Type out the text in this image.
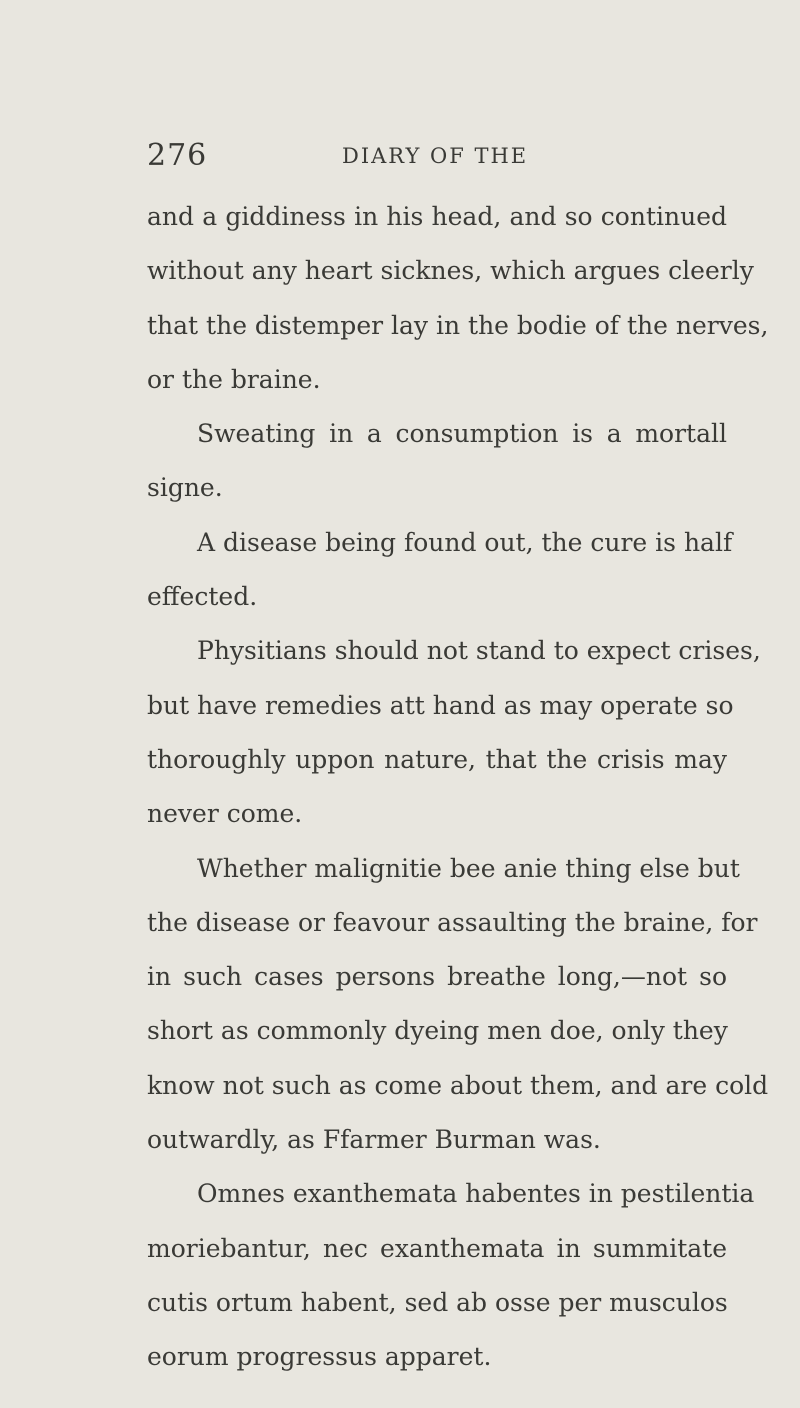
276	DIARY OF THE
and a giddiness in his head, and so continued
without any heart sicknes, which argues cleerly
that the distemper lay in the bodie of the nerves,
or the braine.
Sweating in a consumption is a mortall
signe.
A disease being found out, the cure is half
effected.
Physitians should not stand to expect crises,
but have remedies att hand as may operate so
thoroughly uppon nature, that the crisis may
never come.
Whether malignitie bee anie thing else but
the disease or feavour assaulting the braine, for
in such cases persons breathe long,—not so
short as commonly dyeing men doe, only they
know not such as come about them, and are cold
outwardly, as Ffarmer Burman was.
Omnes exanthemata habentes in pestilentia
moriebantur, nec exanthemata in summitate
cutis ortum habent, sed ab osse per musculos
eorum progressus apparet.
